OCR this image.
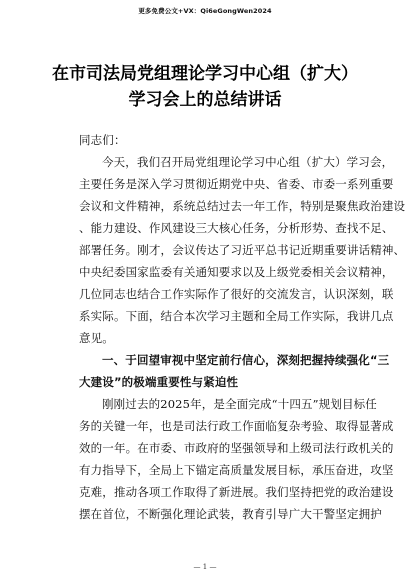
更多免费公文+VX：Qi6eGongWen2024
在市司法局党组理论学习中心组（扩大）
学习会上的总结讲话
同志们：
今天，我们召开局党组理论学习中心组（扩大）学习会，
主要任务是深入学习贯彻近期党中央、省委、市委一系列重要
会议和文件精神，系统总结过去一年工作，特别是聚焦政治建设
、能力建设、作风建设三大核心任务，分析形势、查找不足、
部署任务。刚才，会议传达了习近平总书记近期重要讲话精神、
中央纪委国家监委有关通知要求以及上级党委相关会议精神，
几位同志也结合工作实际作了很好的交流发言，认识深刻，联
系实际。下面，结合本次学习主题和全局工作实际，我讲几点
意见。
一、于回望审视中坚定前行信心，深刻把握持续强化“三
大建设”的极端重要性与紧迫性
刚刚过去的2025年，是全面完成“十四五”规划目标任
务的关键一年，也是司法行政工作面临复杂考验、取得显著成
效的一年。在市委、市政府的坚强领导和上级司法行政机关的
有力指导下，全局上下锚定高质量发展目标，承压奋进，攻坚
克难，推动各项工作取得了新进展。我们坚持把党的政治建设
摆在首位，不断强化理论武装，教育引导广大干警坚定拥护
— 1 —
